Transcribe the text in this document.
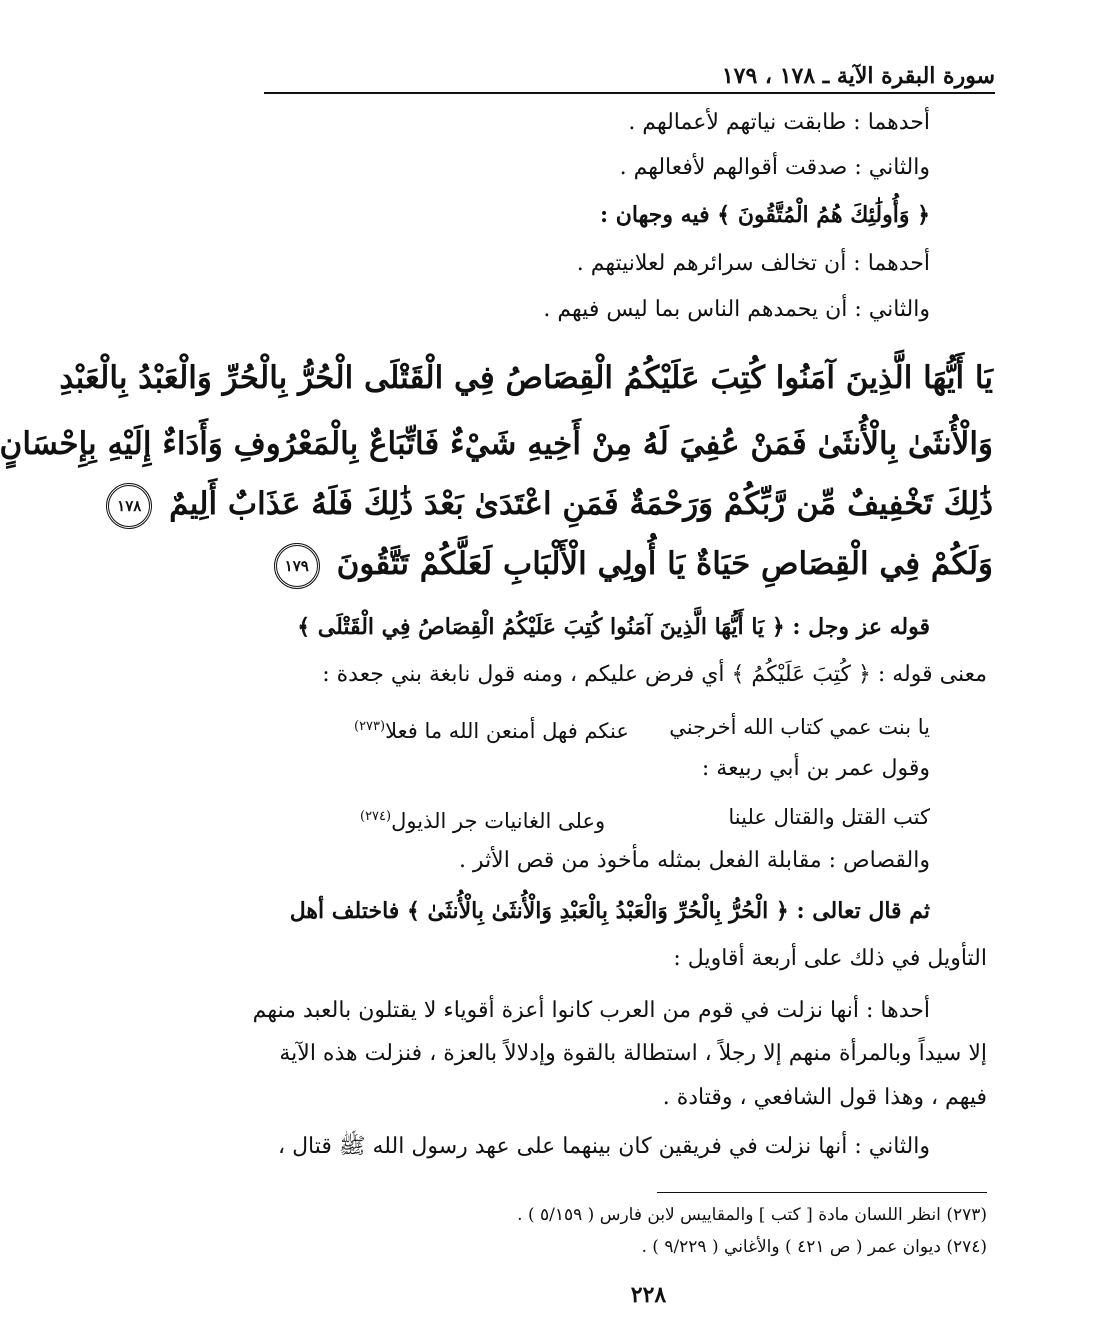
سورة البقرة الآية ـ ١٧٨ ، ١٧٩
أحدهما : طابقت نياتهم لأعمالهم .
والثاني : صدقت أقوالهم لأفعالهم .
﴿ وَأُولَٰئِكَ هُمُ الْمُتَّقُونَ ﴾ فيه وجهان :
أحدهما : أن تخالف سرائرهم لعلانيتهم .
والثاني : أن يحمدهم الناس بما ليس فيهم .
يَا أَيُّهَا الَّذِينَ آمَنُوا كُتِبَ عَلَيْكُمُ الْقِصَاصُ فِي الْقَتْلَى الْحُرُّ بِالْحُرِّ وَالْعَبْدُ بِالْعَبْدِ
وَالْأُنثَىٰ بِالْأُنثَىٰ فَمَنْ عُفِيَ لَهُ مِنْ أَخِيهِ شَيْءٌ فَاتِّبَاعٌ بِالْمَعْرُوفِ وَأَدَاءٌ إِلَيْهِ بِإِحْسَانٍ
ذَٰلِكَ تَخْفِيفٌ مِّن رَّبِّكُمْ وَرَحْمَةٌ فَمَنِ اعْتَدَىٰ بَعْدَ ذَٰلِكَ فَلَهُ عَذَابٌ أَلِيمٌ ١٧٨
وَلَكُمْ فِي الْقِصَاصِ حَيَاةٌ يَا أُولِي الْأَلْبَابِ لَعَلَّكُمْ تَتَّقُونَ ١٧٩
قوله عز وجل : ﴿ يَا أَيُّهَا الَّذِينَ آمَنُوا كُتِبَ عَلَيْكُمُ الْقِصَاصُ فِي الْقَتْلَى ﴾
معنى قوله : ﴿ كُتِبَ عَلَيْكُمُ ﴾ أي فرض عليكم ، ومنه قول نابغة بني جعدة :
يا بنت عمي كتاب الله أخرجني
عنكم فهل أمنعن الله ما فعلا$^{(٢٧٣)}$
وقول عمر بن أبي ربيعة :
كتب القتل والقتال علينا
وعلى الغانيات جر الذيول$^{(٢٧٤)}$
والقصاص : مقابلة الفعل بمثله مأخوذ من قص الأثر .
ثم قال تعالى : ﴿ الْحُرُّ بِالْحُرِّ وَالْعَبْدُ بِالْعَبْدِ وَالْأُنثَىٰ بِالْأُنثَىٰ ﴾ فاختلف أهل
التأويل في ذلك على أربعة أقاويل :
أحدها : أنها نزلت في قوم من العرب كانوا أعزة أقوياء لا يقتلون بالعبد منهم
إلا سيداً وبالمرأة منهم إلا رجلاً ، استطالة بالقوة وإدلالاً بالعزة ، فنزلت هذه الآية
فيهم ، وهذا قول الشافعي ، وقتادة .
والثاني : أنها نزلت في فريقين كان بينهما على عهد رسول الله ﷺ قتال ،
(٢٧٣) انظر اللسان مادة [ كتب ] والمقاييس لابن فارس ( ٥/١٥٩ ) .
(٢٧٤) ديوان عمر ( ص ٤٢١ ) والأغاني ( ٩/٢٢٩ ) .
٢٢٨
